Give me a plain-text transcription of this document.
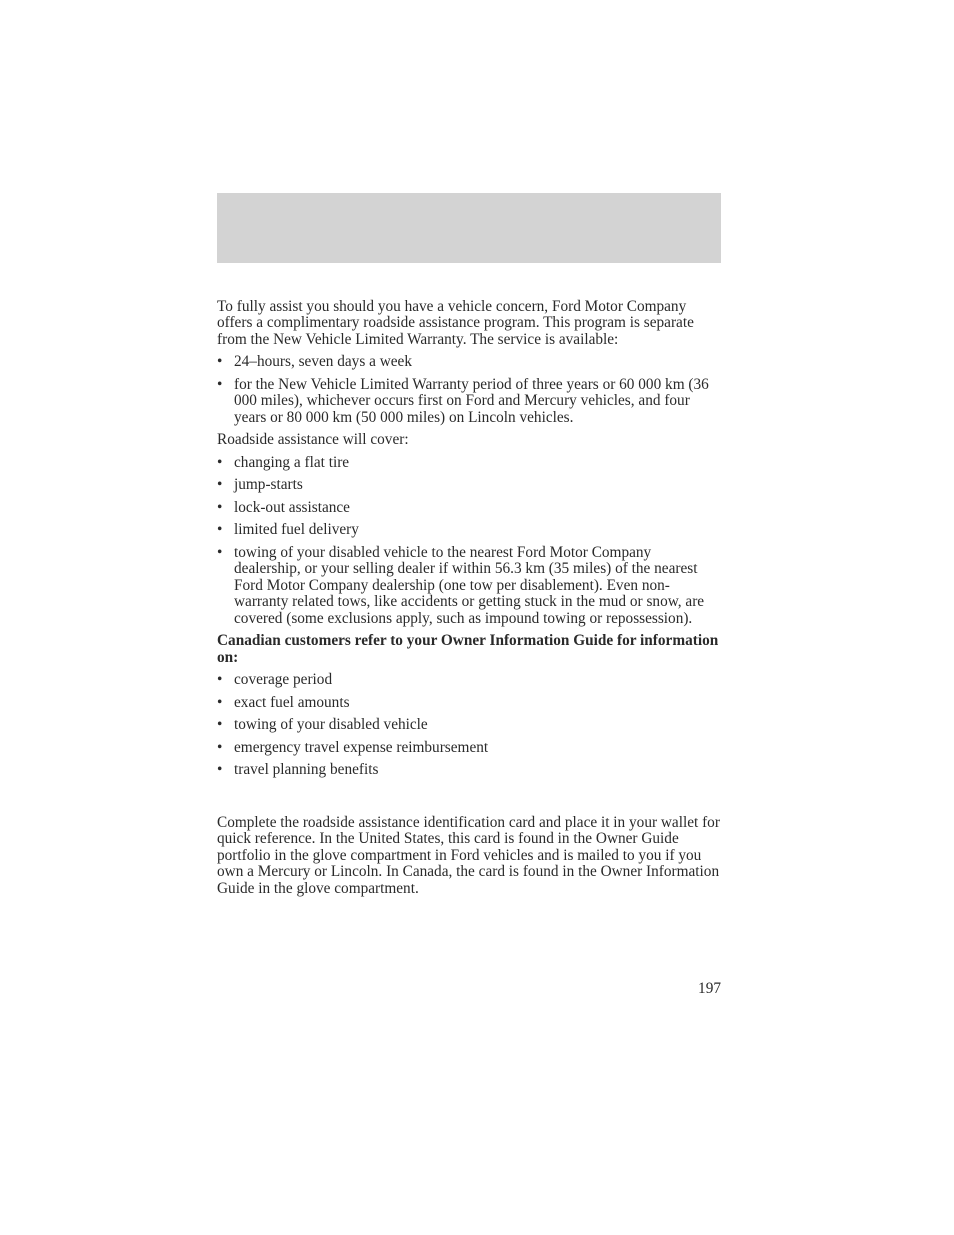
To fully assist you should you have a vehicle concern, Ford Motor Company offers a complimentary roadside assistance program. This program is separate from the New Vehicle Limited Warranty. The service is available:

• 24–hours, seven days a week
• for the New Vehicle Limited Warranty period of three years or 60 000 km (36 000 miles), whichever occurs first on Ford and Mercury vehicles, and four years or 80 000 km (50 000 miles) on Lincoln vehicles.

Roadside assistance will cover:

• changing a flat tire
• jump-starts
• lock-out assistance
• limited fuel delivery
• towing of your disabled vehicle to the nearest Ford Motor Company dealership, or your selling dealer if within 56.3 km (35 miles) of the nearest Ford Motor Company dealership (one tow per disablement). Even non-warranty related tows, like accidents or getting stuck in the mud or snow, are covered (some exclusions apply, such as impound towing or repossession).

Canadian customers refer to your Owner Information Guide for information on:

• coverage period
• exact fuel amounts
• towing of your disabled vehicle
• emergency travel expense reimbursement
• travel planning benefits

Complete the roadside assistance identification card and place it in your wallet for quick reference. In the United States, this card is found in the Owner Guide portfolio in the glove compartment in Ford vehicles and is mailed to you if you own a Mercury or Lincoln. In Canada, the card is found in the Owner Information Guide in the glove compartment.

197
